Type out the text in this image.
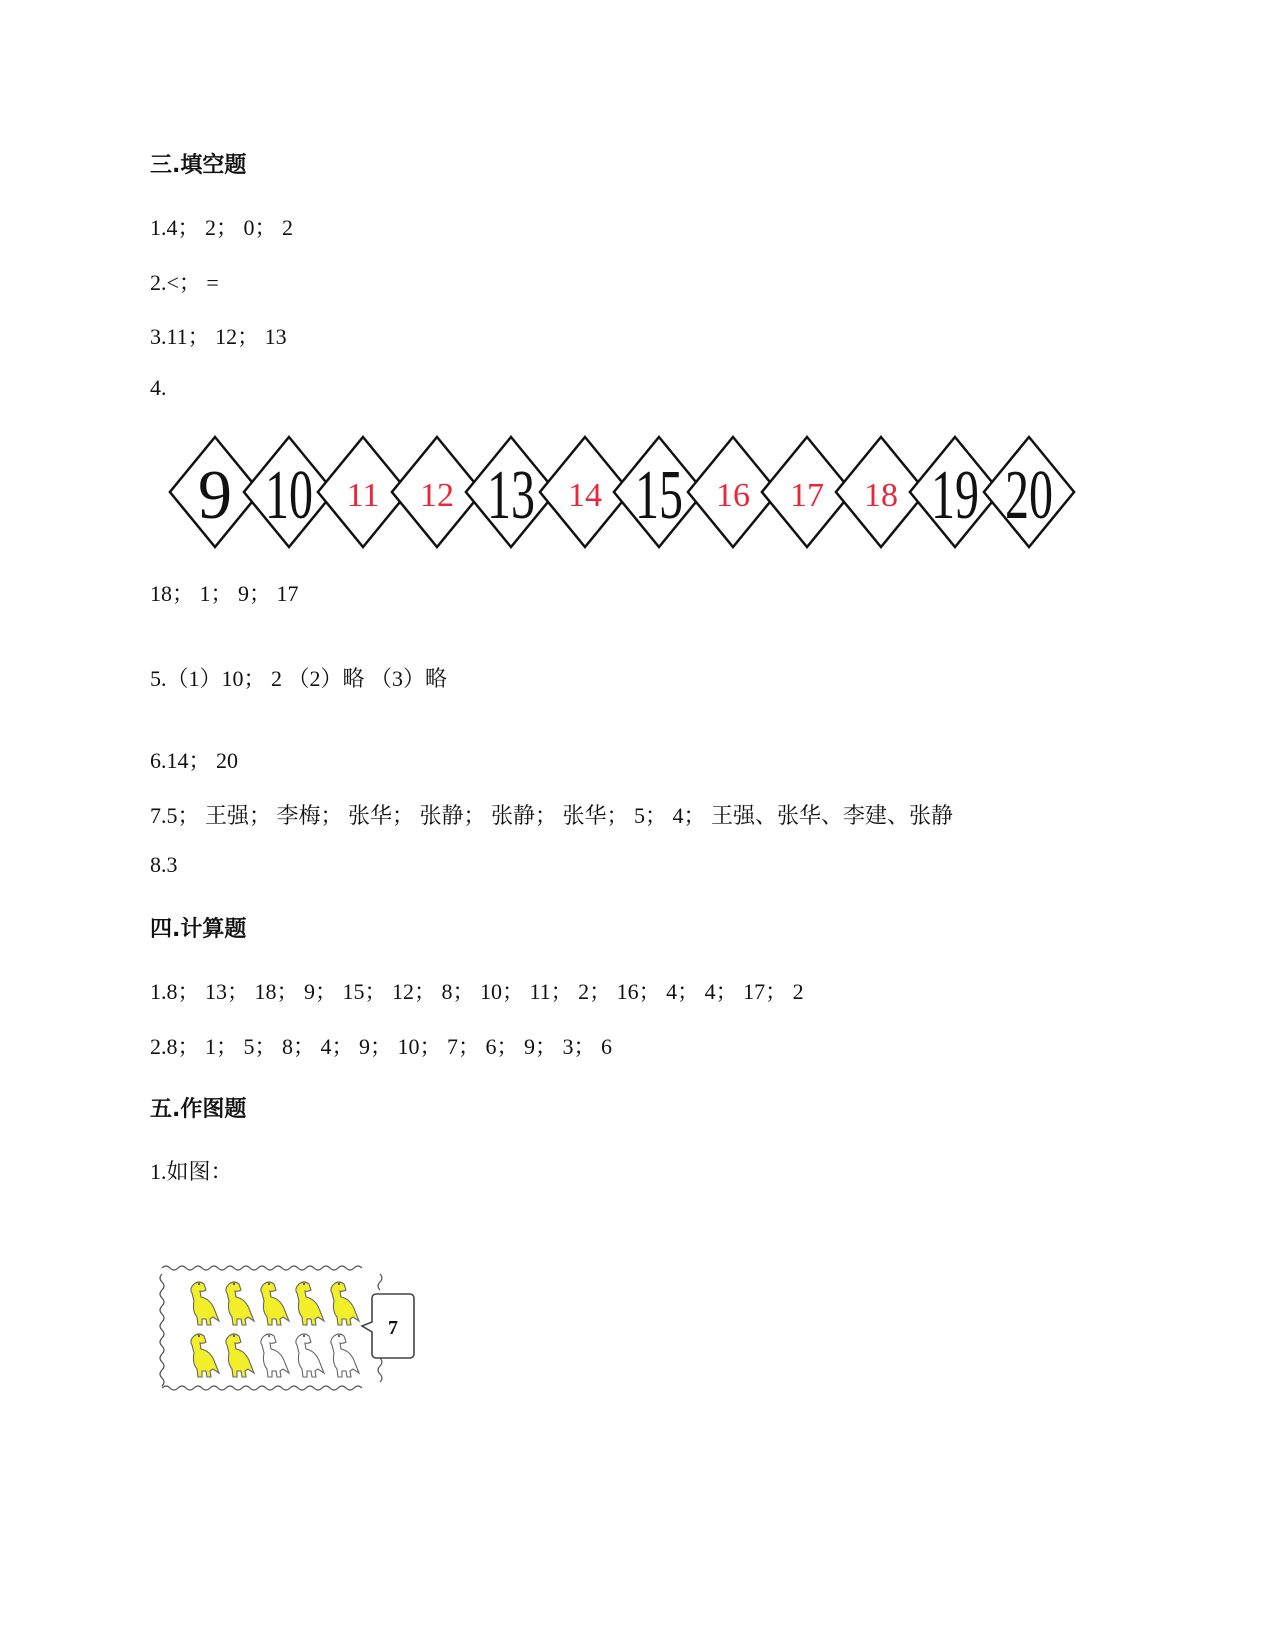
三.填空题
1.4； 2； 0； 2
2.<； =
3.11； 12； 13
4.
9 10 11 12 13 14 15 16 17 18 19 20
18； 1； 9； 17
5.（1）10； 2 （2）略 （3）略
6.14； 20
7.5； 王强； 李梅； 张华； 张静； 张静； 张华； 5； 4； 王强、张华、李建、张静
8.3
四.计算题
1.8； 13； 18； 9； 15； 12； 8； 10； 11； 2； 16； 4； 4； 17； 2
2.8； 1； 5； 8； 4； 9； 10； 7； 6； 9； 3； 6
五.作图题
1.如图：
7
